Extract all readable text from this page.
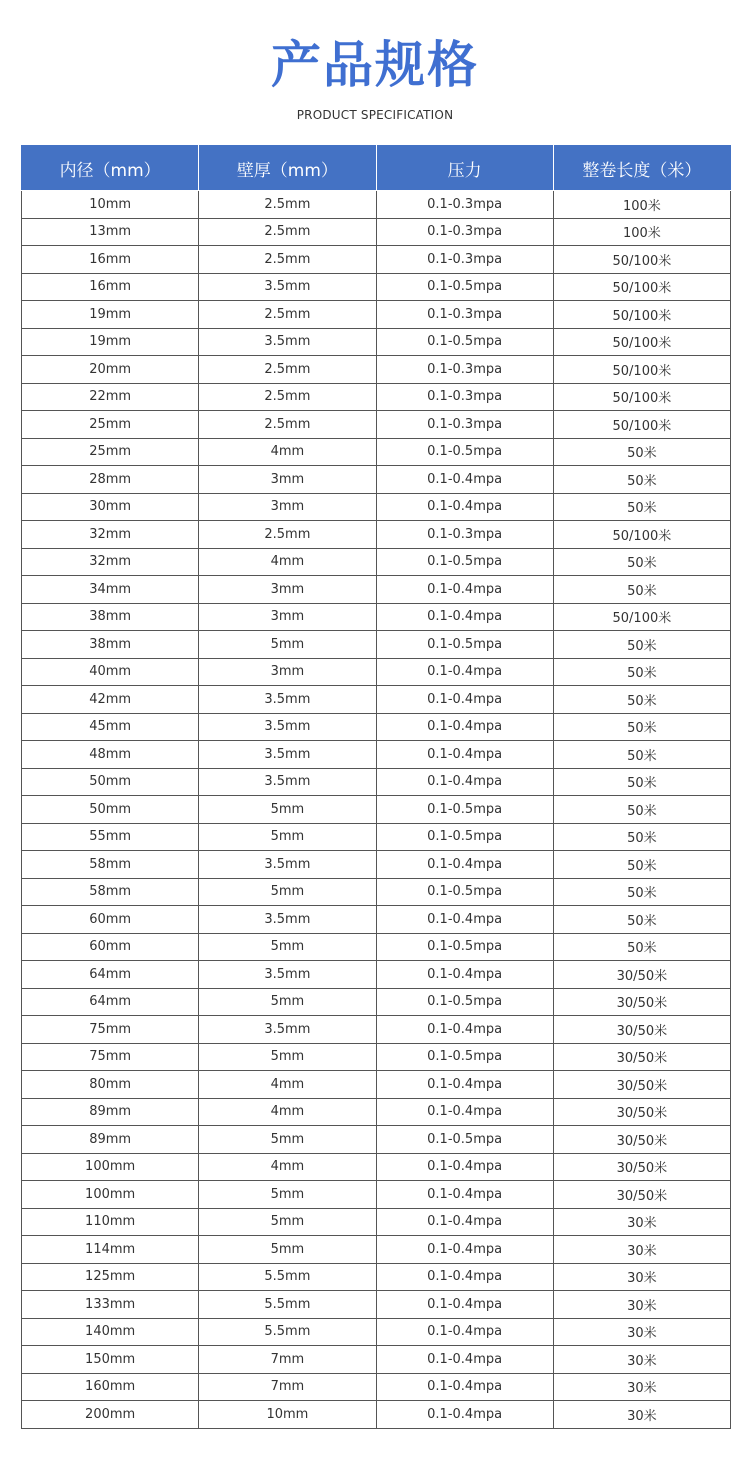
产品规格
PRODUCT SPECIFICATION
内径（mm）	壁厚（mm）	压力	整卷长度（米）
10mm	2.5mm	0.1-0.3mpa	100米
13mm	2.5mm	0.1-0.3mpa	100米
16mm	2.5mm	0.1-0.3mpa	50/100米
16mm	3.5mm	0.1-0.5mpa	50/100米
19mm	2.5mm	0.1-0.3mpa	50/100米
19mm	3.5mm	0.1-0.5mpa	50/100米
20mm	2.5mm	0.1-0.3mpa	50/100米
22mm	2.5mm	0.1-0.3mpa	50/100米
25mm	2.5mm	0.1-0.3mpa	50/100米
25mm	4mm	0.1-0.5mpa	50米
28mm	3mm	0.1-0.4mpa	50米
30mm	3mm	0.1-0.4mpa	50米
32mm	2.5mm	0.1-0.3mpa	50/100米
32mm	4mm	0.1-0.5mpa	50米
34mm	3mm	0.1-0.4mpa	50米
38mm	3mm	0.1-0.4mpa	50/100米
38mm	5mm	0.1-0.5mpa	50米
40mm	3mm	0.1-0.4mpa	50米
42mm	3.5mm	0.1-0.4mpa	50米
45mm	3.5mm	0.1-0.4mpa	50米
48mm	3.5mm	0.1-0.4mpa	50米
50mm	3.5mm	0.1-0.4mpa	50米
50mm	5mm	0.1-0.5mpa	50米
55mm	5mm	0.1-0.5mpa	50米
58mm	3.5mm	0.1-0.4mpa	50米
58mm	5mm	0.1-0.5mpa	50米
60mm	3.5mm	0.1-0.4mpa	50米
60mm	5mm	0.1-0.5mpa	50米
64mm	3.5mm	0.1-0.4mpa	30/50米
64mm	5mm	0.1-0.5mpa	30/50米
75mm	3.5mm	0.1-0.4mpa	30/50米
75mm	5mm	0.1-0.5mpa	30/50米
80mm	4mm	0.1-0.4mpa	30/50米
89mm	4mm	0.1-0.4mpa	30/50米
89mm	5mm	0.1-0.5mpa	30/50米
100mm	4mm	0.1-0.4mpa	30/50米
100mm	5mm	0.1-0.4mpa	30/50米
110mm	5mm	0.1-0.4mpa	30米
114mm	5mm	0.1-0.4mpa	30米
125mm	5.5mm	0.1-0.4mpa	30米
133mm	5.5mm	0.1-0.4mpa	30米
140mm	5.5mm	0.1-0.4mpa	30米
150mm	7mm	0.1-0.4mpa	30米
160mm	7mm	0.1-0.4mpa	30米
200mm	10mm	0.1-0.4mpa	30米
